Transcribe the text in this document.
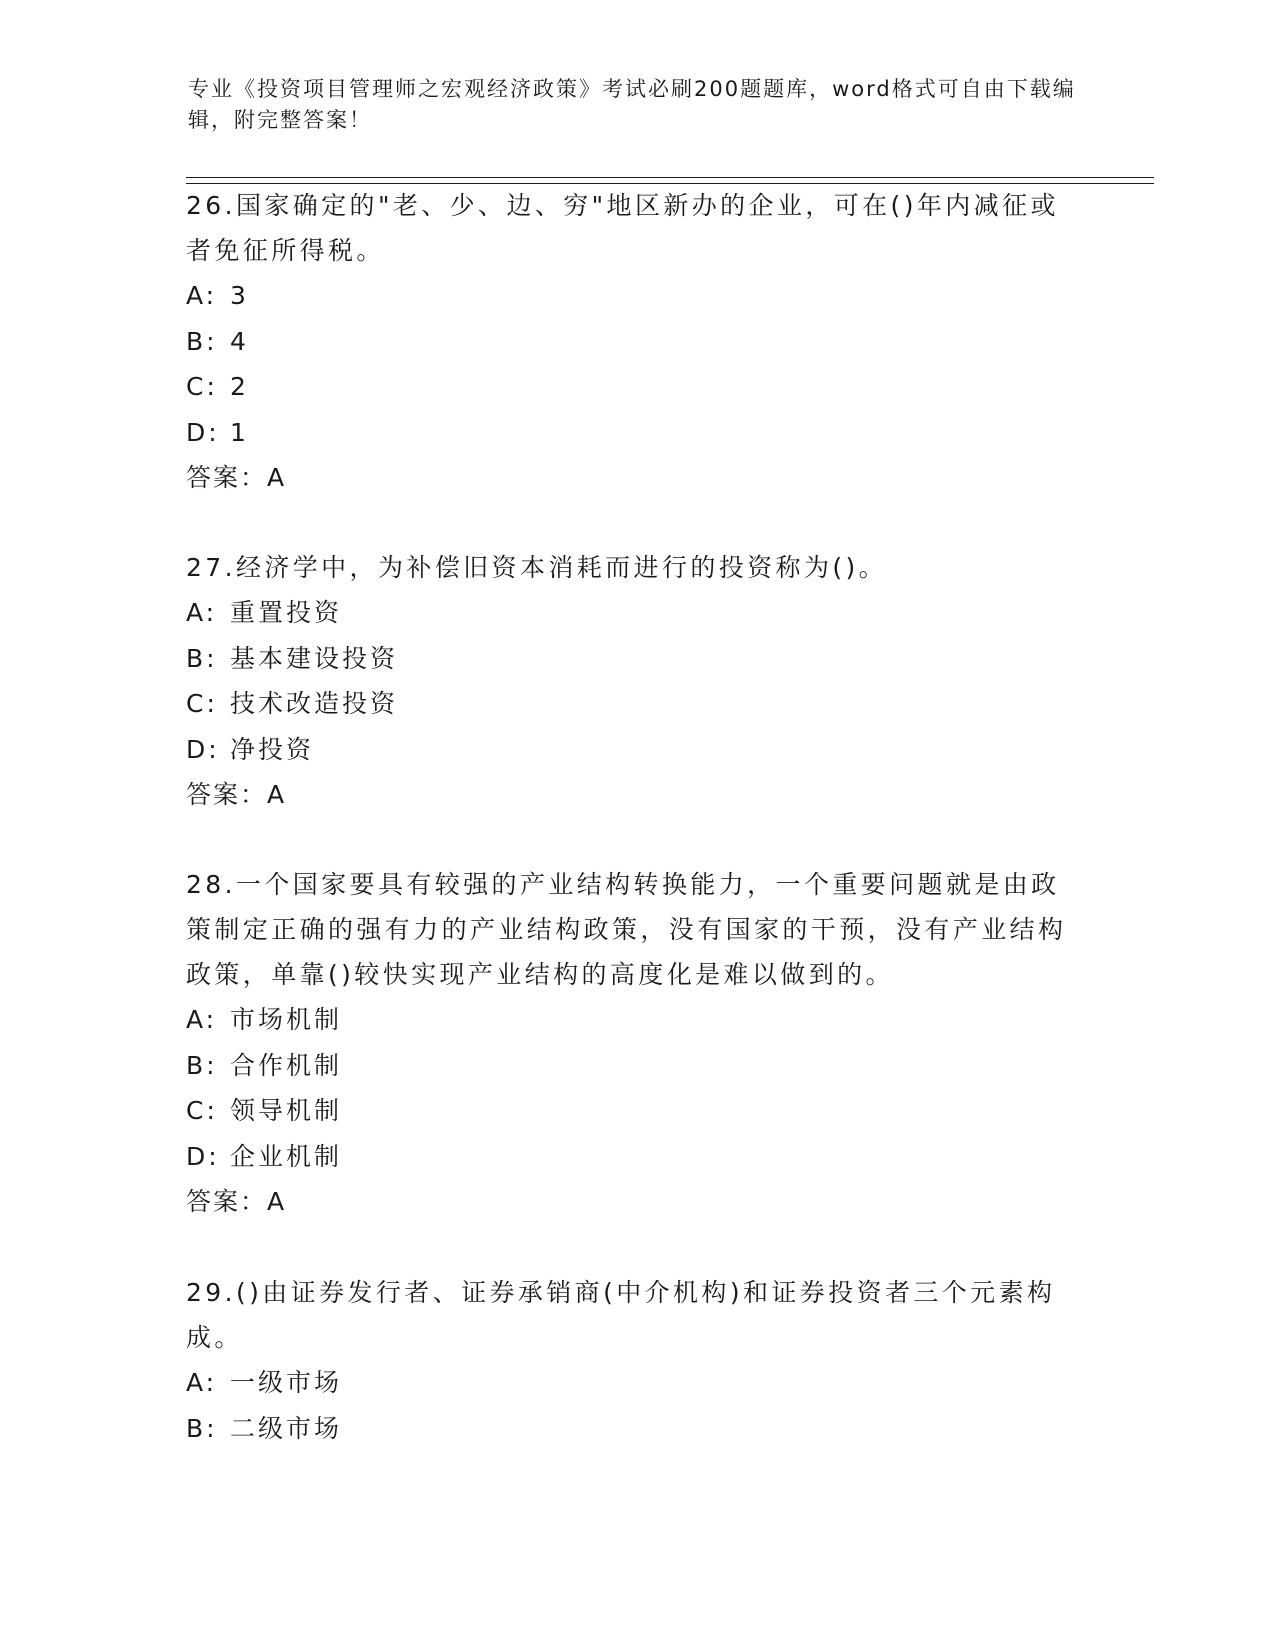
专业《投资项目管理师之宏观经济政策》考试必刷200题题库，word格式可自由下载编辑，附完整答案！
26.国家确定的"老、少、边、穷"地区新办的企业，可在()年内减征或者免征所得税。
A: 3
B: 4
C: 2
D: 1
答案：A
27.经济学中，为补偿旧资本消耗而进行的投资称为()。
A: 重置投资
B: 基本建设投资
C: 技术改造投资
D: 净投资
答案：A
28.一个国家要具有较强的产业结构转换能力，一个重要问题就是由政策制定正确的强有力的产业结构政策，没有国家的干预，没有产业结构政策，单靠()较快实现产业结构的高度化是难以做到的。
A: 市场机制
B: 合作机制
C: 领导机制
D: 企业机制
答案：A
29.()由证券发行者、证券承销商(中介机构)和证券投资者三个元素构成。
A: 一级市场
B: 二级市场
